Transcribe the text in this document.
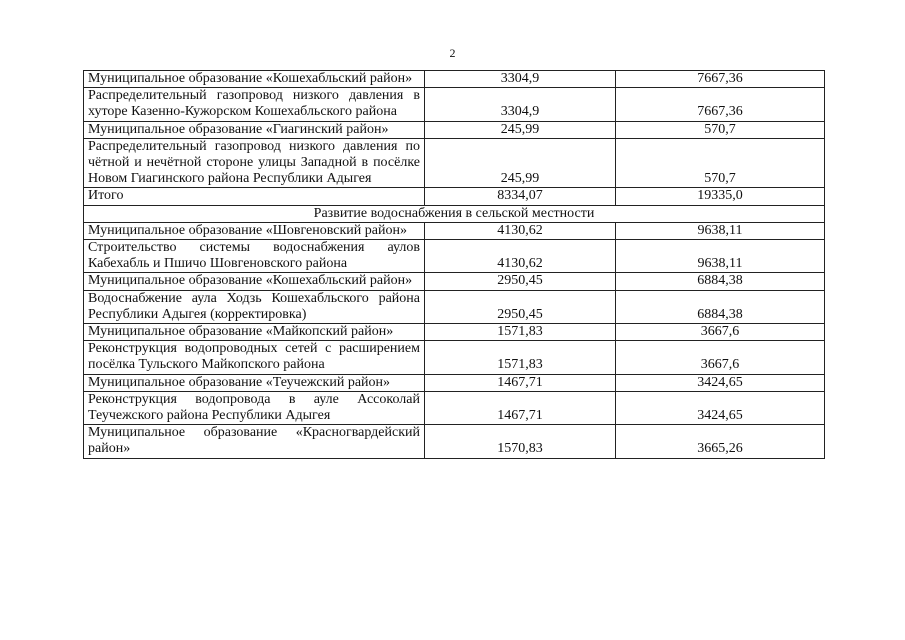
2
Муниципальное образование «Кошехабльский район»	3304,9	7667,36
Распределительный газопровод низкого давления в хуторе Казенно-Кужорском Кошехабльского района	3304,9	7667,36
Муниципальное образование «Гиагинский район»	245,99	570,7
Распределительный газопровод низкого давления по чётной и нечётной стороне улицы Западной в посёлке Новом Гиагинского района Республики Адыгея	245,99	570,7
Итого	8334,07	19335,0
Развитие водоснабжения в сельской местности		
Муниципальное образование «Шовгеновский район»	4130,62	9638,11
Строительство системы водоснабжения аулов Кабехабль и Пшичо Шовгеновского района	4130,62	9638,11
Муниципальное образование «Кошехабльский район»	2950,45	6884,38
Водоснабжение аула Ходзь Кошехабльского района Республики Адыгея (корректировка)	2950,45	6884,38
Муниципальное образование «Майкопский район»	1571,83	3667,6
Реконструкция водопроводных сетей с расширением посёлка Тульского Майкопского района	1571,83	3667,6
Муниципальное образование «Теучежский район»	1467,71	3424,65
Реконструкция водопровода в ауле Ассоколай Теучежского района Республики Адыгея	1467,71	3424,65
Муниципальное образование «Красногвардейский район»	1570,83	3665,26
